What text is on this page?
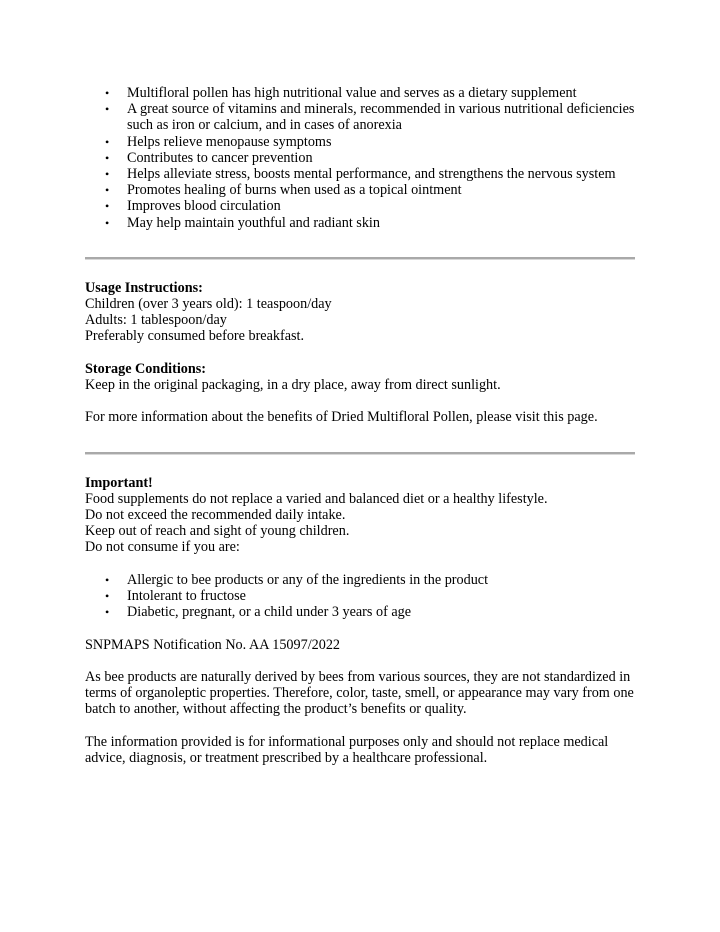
• Multifloral pollen has high nutritional value and serves as a dietary supplement
• A great source of vitamins and minerals, recommended in various nutritional deficiencies such as iron or calcium, and in cases of anorexia
• Helps relieve menopause symptoms
• Contributes to cancer prevention
• Helps alleviate stress, boosts mental performance, and strengthens the nervous system
• Promotes healing of burns when used as a topical ointment
• Improves blood circulation
• May help maintain youthful and radiant skin
Usage Instructions:
Children (over 3 years old): 1 teaspoon/day
Adults: 1 tablespoon/day
Preferably consumed before breakfast.
Storage Conditions:
Keep in the original packaging, in a dry place, away from direct sunlight.
For more information about the benefits of Dried Multifloral Pollen, please visit this page.
Important!
Food supplements do not replace a varied and balanced diet or a healthy lifestyle.
Do not exceed the recommended daily intake.
Keep out of reach and sight of young children.
Do not consume if you are:
• Allergic to bee products or any of the ingredients in the product
• Intolerant to fructose
• Diabetic, pregnant, or a child under 3 years of age
SNPMAPS Notification No. AA 15097/2022
As bee products are naturally derived by bees from various sources, they are not standardized in terms of organoleptic properties. Therefore, color, taste, smell, or appearance may vary from one batch to another, without affecting the product’s benefits or quality.
The information provided is for informational purposes only and should not replace medical advice, diagnosis, or treatment prescribed by a healthcare professional.
